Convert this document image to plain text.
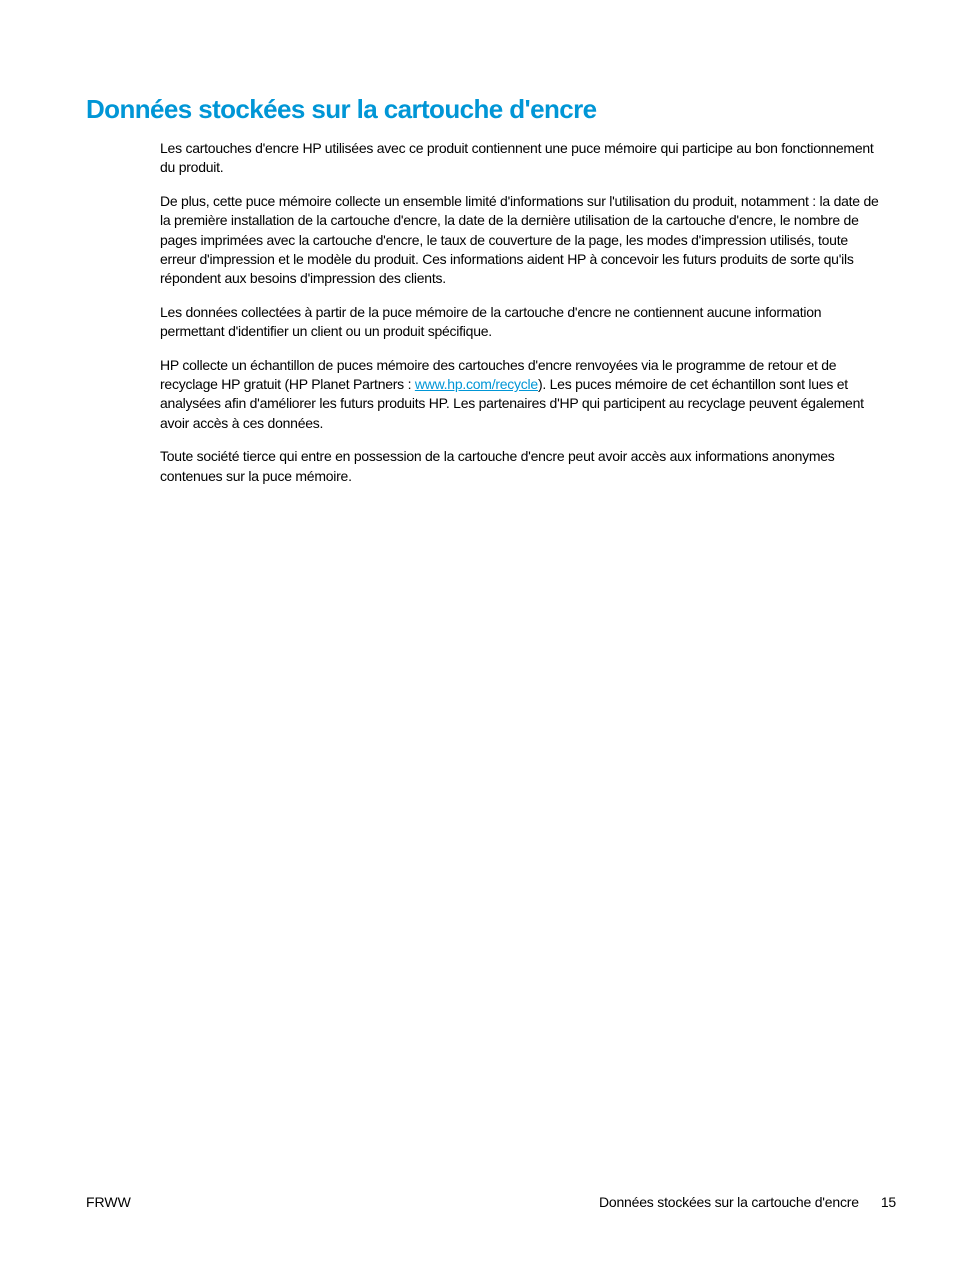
Données stockées sur la cartouche d'encre

Les cartouches d'encre HP utilisées avec ce produit contiennent une puce mémoire qui participe au bon fonctionnement du produit.

De plus, cette puce mémoire collecte un ensemble limité d'informations sur l'utilisation du produit, notamment : la date de la première installation de la cartouche d'encre, la date de la dernière utilisation de la cartouche d'encre, le nombre de pages imprimées avec la cartouche d'encre, le taux de couverture de la page, les modes d'impression utilisés, toute erreur d'impression et le modèle du produit. Ces informations aident HP à concevoir les futurs produits de sorte qu'ils répondent aux besoins d'impression des clients.

Les données collectées à partir de la puce mémoire de la cartouche d'encre ne contiennent aucune information permettant d'identifier un client ou un produit spécifique.

HP collecte un échantillon de puces mémoire des cartouches d'encre renvoyées via le programme de retour et de recyclage HP gratuit (HP Planet Partners : www.hp.com/recycle). Les puces mémoire de cet échantillon sont lues et analysées afin d'améliorer les futurs produits HP. Les partenaires d'HP qui participent au recyclage peuvent également avoir accès à ces données.

Toute société tierce qui entre en possession de la cartouche d'encre peut avoir accès aux informations anonymes contenues sur la puce mémoire.

FRWW	Données stockées sur la cartouche d'encre 15
